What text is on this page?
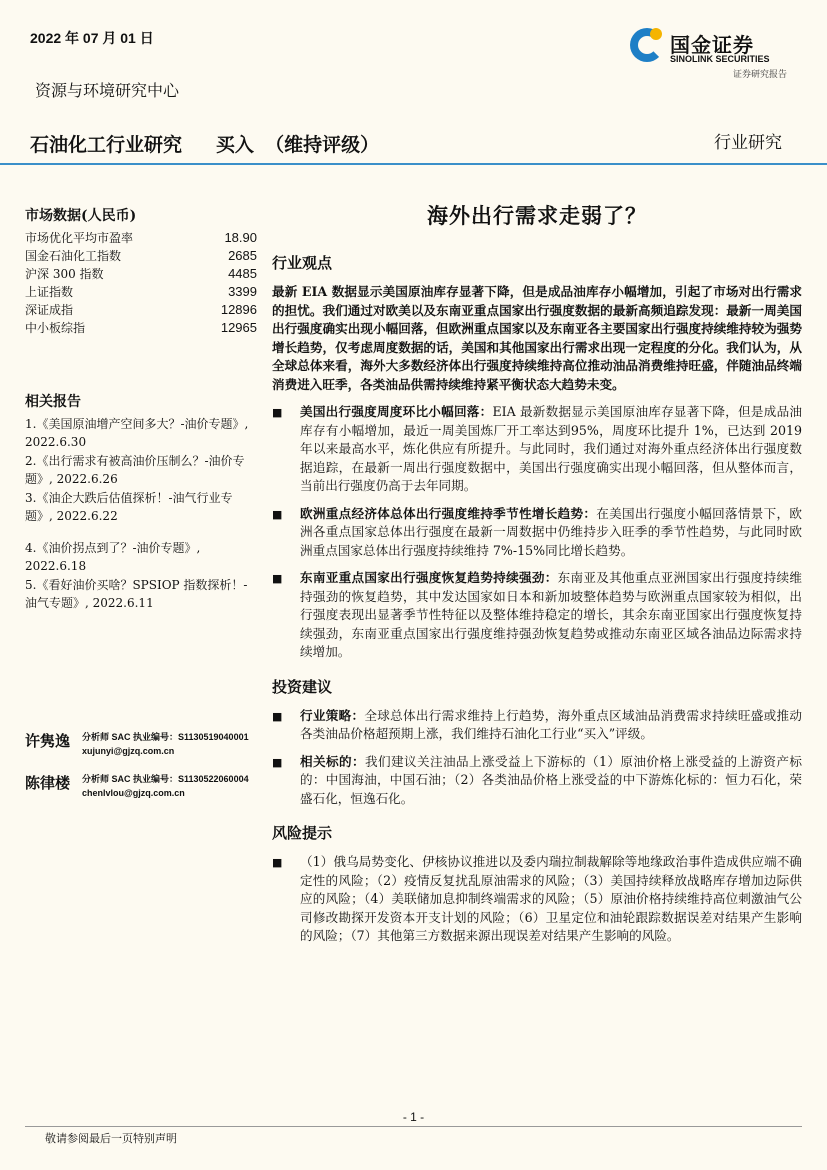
2022 年 07 月 01 日
资源与环境研究中心
石油化工行业研究   买入 （维持评级）	行业研究
国金证券
SINOLINK SECURITIES
证券研究报告
市场数据(人民币)
市场优化平均市盈率	18.90
国金石油化工指数	2685
沪深 300 指数	4485
上证指数	3399
深证成指	12896
中小板综指	12965
相关报告
1.《美国原油增产空间多大？-油价专题》, 2022.6.30
2.《出行需求有被高油价压制么？-油价专题》, 2022.6.26
3.《油企大跌后估值探析！-油气行业专题》, 2022.6.22
4.《油价拐点到了？-油价专题》, 2022.6.18
5.《看好油价买啥？SPSIOP 指数探析！-油气专题》, 2022.6.11
许隽逸	分析师 SAC 执业编号：S1130519040001
xujunyi@gjzq.com.cn
陈律楼	分析师 SAC 执业编号：S1130522060004
chenlvlou@gjzq.com.cn
海外出行需求走弱了？
行业观点

最新 EIA 数据显示美国原油库存显著下降，但是成品油库存小幅增加，引起了市场对出行需求的担忧。我们通过对欧美以及东南亚重点国家出行强度数据的最新高频追踪发现：最新一周美国出行强度确实出现小幅回落，但欧洲重点国家以及东南亚各主要国家出行强度持续维持较为强势增长趋势，仅考虑周度数据的话，美国和其他国家出行需求出现一定程度的分化。我们认为，从全球总体来看，海外大多数经济体出行强度持续维持高位推动油品消费维持旺盛，伴随油品终端消费进入旺季，各类油品供需持续维持紧平衡状态大趋势未变。

■	美国出行强度周度环比小幅回落：EIA 最新数据显示美国原油库存显著下降，但是成品油库存有小幅增加，最近一周美国炼厂开工率达到95%，周度环比提升 1%，已达到 2019 年以来最高水平，炼化供应有所提升。与此同时，我们通过对海外重点经济体出行强度数据追踪，在最新一周出行强度数据中，美国出行强度确实出现小幅回落，但从整体而言，当前出行强度仍高于去年同期。
■	欧洲重点经济体总体出行强度维持季节性增长趋势：在美国出行强度小幅回落情景下，欧洲各重点国家总体出行强度在最新一周数据中仍维持步入旺季的季节性趋势，与此同时欧洲重点国家总体出行强度持续维持 7%-15%同比增长趋势。
■	东南亚重点国家出行强度恢复趋势持续强劲：东南亚及其他重点亚洲国家出行强度持续维持强劲的恢复趋势，其中发达国家如日本和新加坡整体趋势与欧洲重点国家较为相似，出行强度表现出显著季节性特征以及整体维持稳定的增长，其余东南亚国家出行强度恢复持续强劲，东南亚重点国家出行强度维持强劲恢复趋势或推动东南亚区域各油品边际需求持续增加。
投资建议
■	行业策略：全球总体出行需求维持上行趋势，海外重点区域油品消费需求持续旺盛或推动各类油品价格超预期上涨，我们维持石油化工行业“买入”评级。
■	相关标的：我们建议关注油品上涨受益上下游标的（1）原油价格上涨受益的上游资产标的：中国海油，中国石油；（2）各类油品价格上涨受益的中下游炼化标的：恒力石化，荣盛石化，恒逸石化。
风险提示
■	（1）俄乌局势变化、伊核协议推进以及委内瑞拉制裁解除等地缘政治事件造成供应端不确定性的风险；（2）疫情反复扰乱原油需求的风险；（3）美国持续释放战略库存增加边际供应的风险；（4）美联储加息抑制终端需求的风险；（5）原油价格持续维持高位刺激油气公司修改勘探开发资本开支计划的风险；（6）卫星定位和油轮跟踪数据误差对结果产生影响的风险；（7）其他第三方数据来源出现误差对结果产生影响的风险。
- 1 -
敬请参阅最后一页特别声明
